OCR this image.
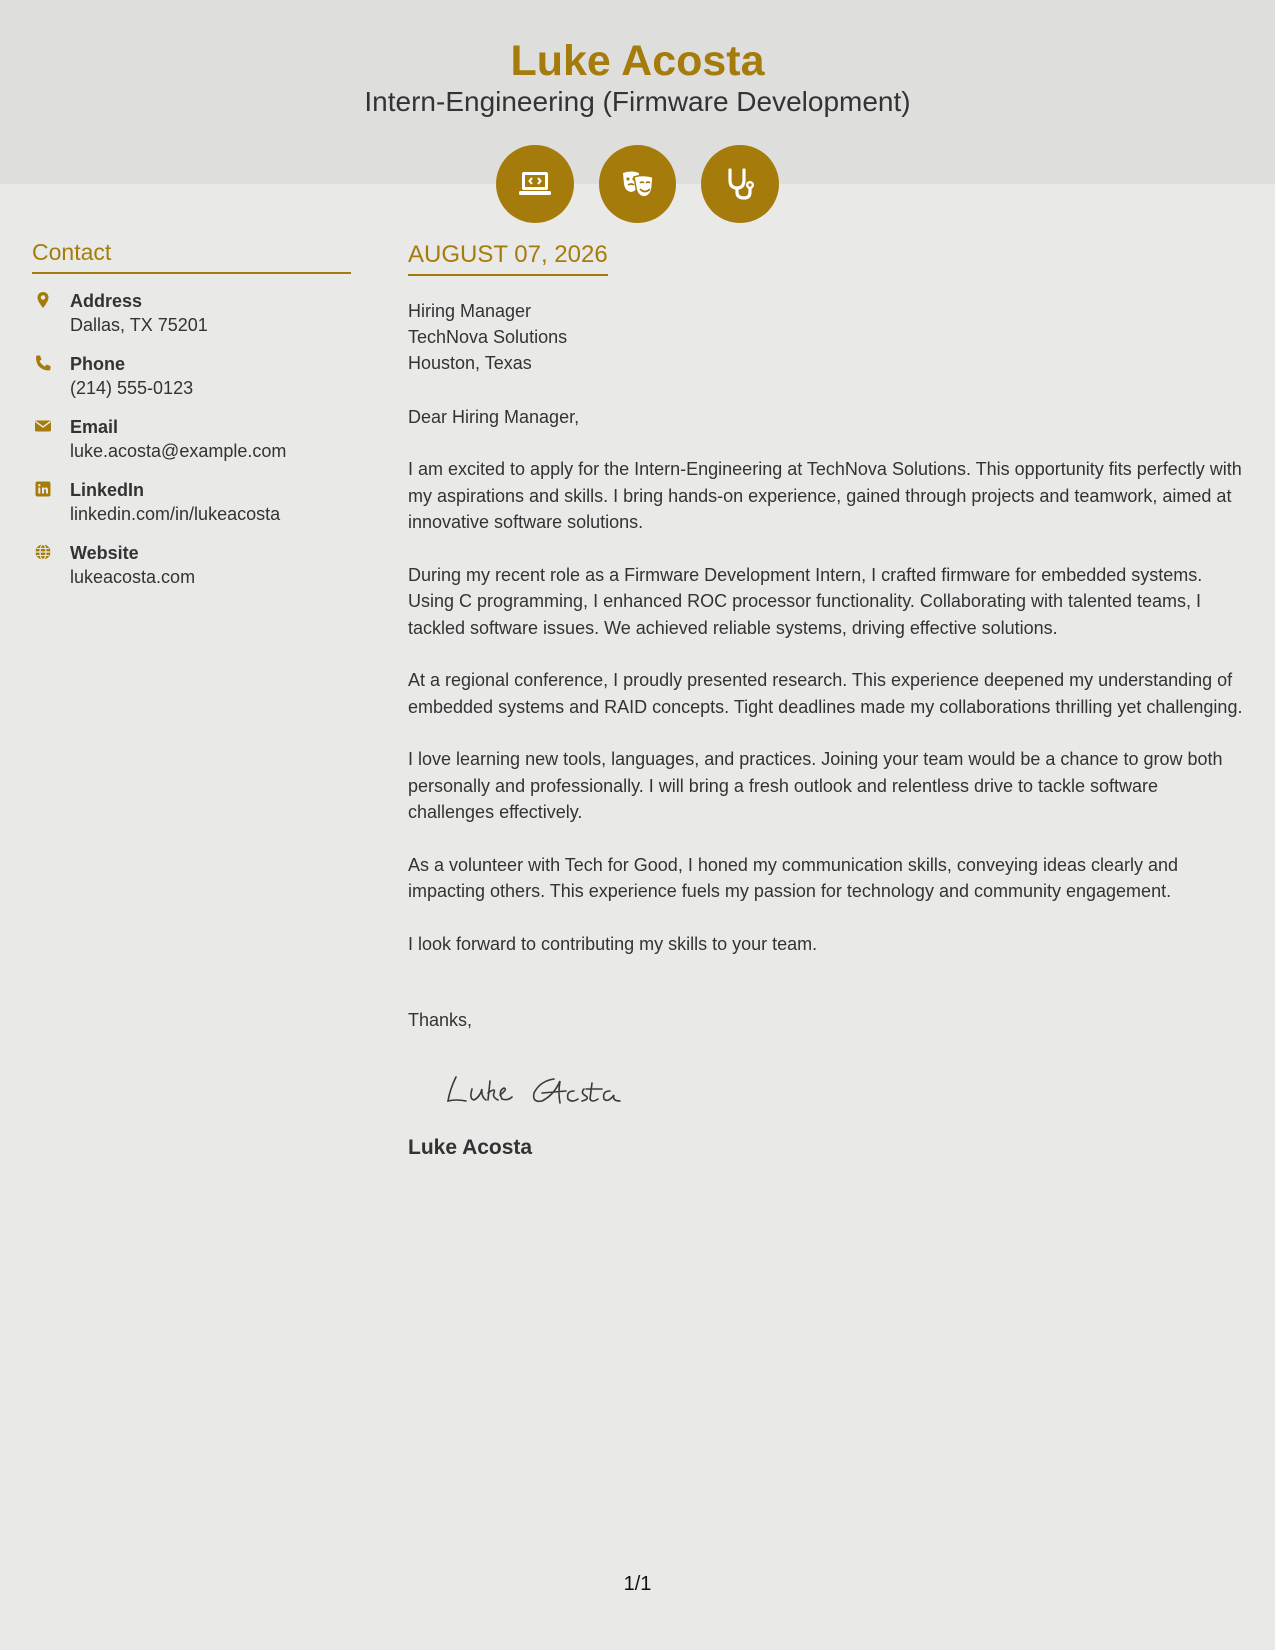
Luke Acosta
Intern-Engineering (Firmware Development)
Contact
Address
Dallas, TX 75201
Phone
(214) 555-0123
Email
luke.acosta@example.com
LinkedIn
linkedin.com/in/lukeacosta
Website
lukeacosta.com
AUGUST 07, 2026
Hiring Manager
TechNova Solutions
Houston, Texas
Dear Hiring Manager,

I am excited to apply for the Intern-Engineering at TechNova Solutions. This opportunity fits perfectly with my aspirations and skills. I bring hands-on experience, gained through projects and teamwork, aimed at innovative software solutions.

During my recent role as a Firmware Development Intern, I crafted firmware for embedded systems. Using C programming, I enhanced ROC processor functionality. Collaborating with talented teams, I tackled software issues. We achieved reliable systems, driving effective solutions.

At a regional conference, I proudly presented research. This experience deepened my understanding of embedded systems and RAID concepts. Tight deadlines made my collaborations thrilling yet challenging.

I love learning new tools, languages, and practices. Joining your team would be a chance to grow both personally and professionally. I will bring a fresh outlook and relentless drive to tackle software challenges effectively.

As a volunteer with Tech for Good, I honed my communication skills, conveying ideas clearly and impacting others. This experience fuels my passion for technology and community engagement.

I look forward to contributing my skills to your team.

Thanks,
Luke Acosta
1/1
